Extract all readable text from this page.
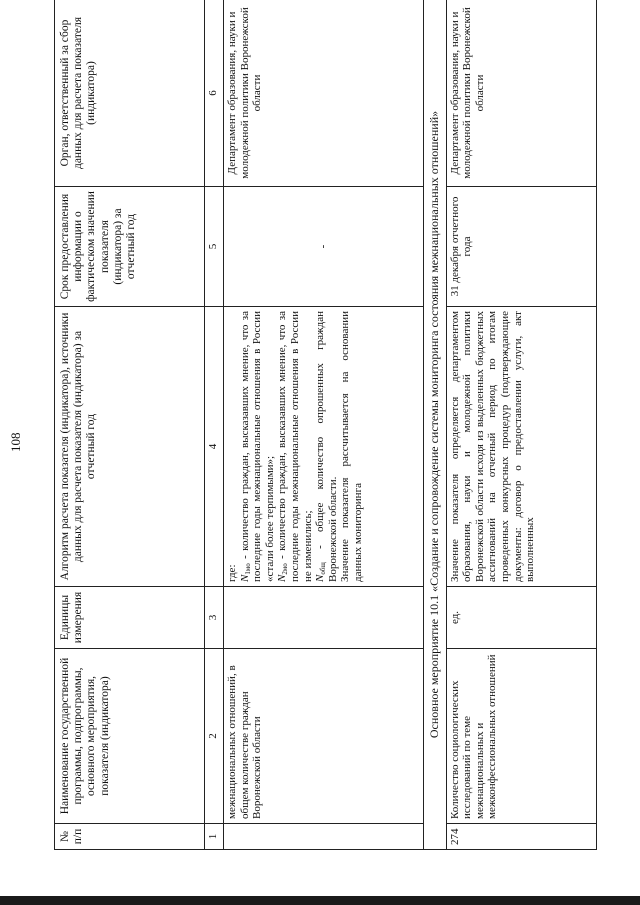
108
№ п/п	Наименование государственной программы, подпрограммы, основного мероприятия, показателя (индикатора)	Единицы измерения	Алгоритм расчета показателя (индикатора), источники данных для расчета показателя (индикатора) за отчетный год	Срок предоставления информации о фактическом значении показателя (индикатора) за отчетный год	Орган, ответственный за сбор данных для расчета показателя (индикатора)
1	2	3	4	5	6
	межнациональных отношений, в общем количестве граждан Воронежской области		где: $N_{1мо}$ - количество граждан, высказавших мнение, что за последние годы межнациональные отношения в России «стали более терпимыми»; $N_{2мо}$ - количество граждан, высказавших мнение, что за последние годы межнациональные отношения в России не изменились; $N_{общ}$ - общее количество опрошенных граждан Воронежской области. Значение показателя рассчитывается на основании данных мониторинга	-	Департамент образования, науки и молодежной политики Воронежской области
Основное мероприятие 10.1 «Создание и сопровождение системы мониторинга состояния межнациональных отношений»					
274	Количество социологических исследований по теме межнациональных и межконфессиональных отношений	ед.	Значение показателя определяется департаментом образования, науки и молодежной политики Воронежской области исходя из выделенных бюджетных ассигнований на отчетный период по итогам проведенных конкурсных процедур (подтверждающие документы: договор о предоставлении услуги, акт выполненных	31 декабря отчетного года	Департамент образования, науки и молодежной политики Воронежской области
